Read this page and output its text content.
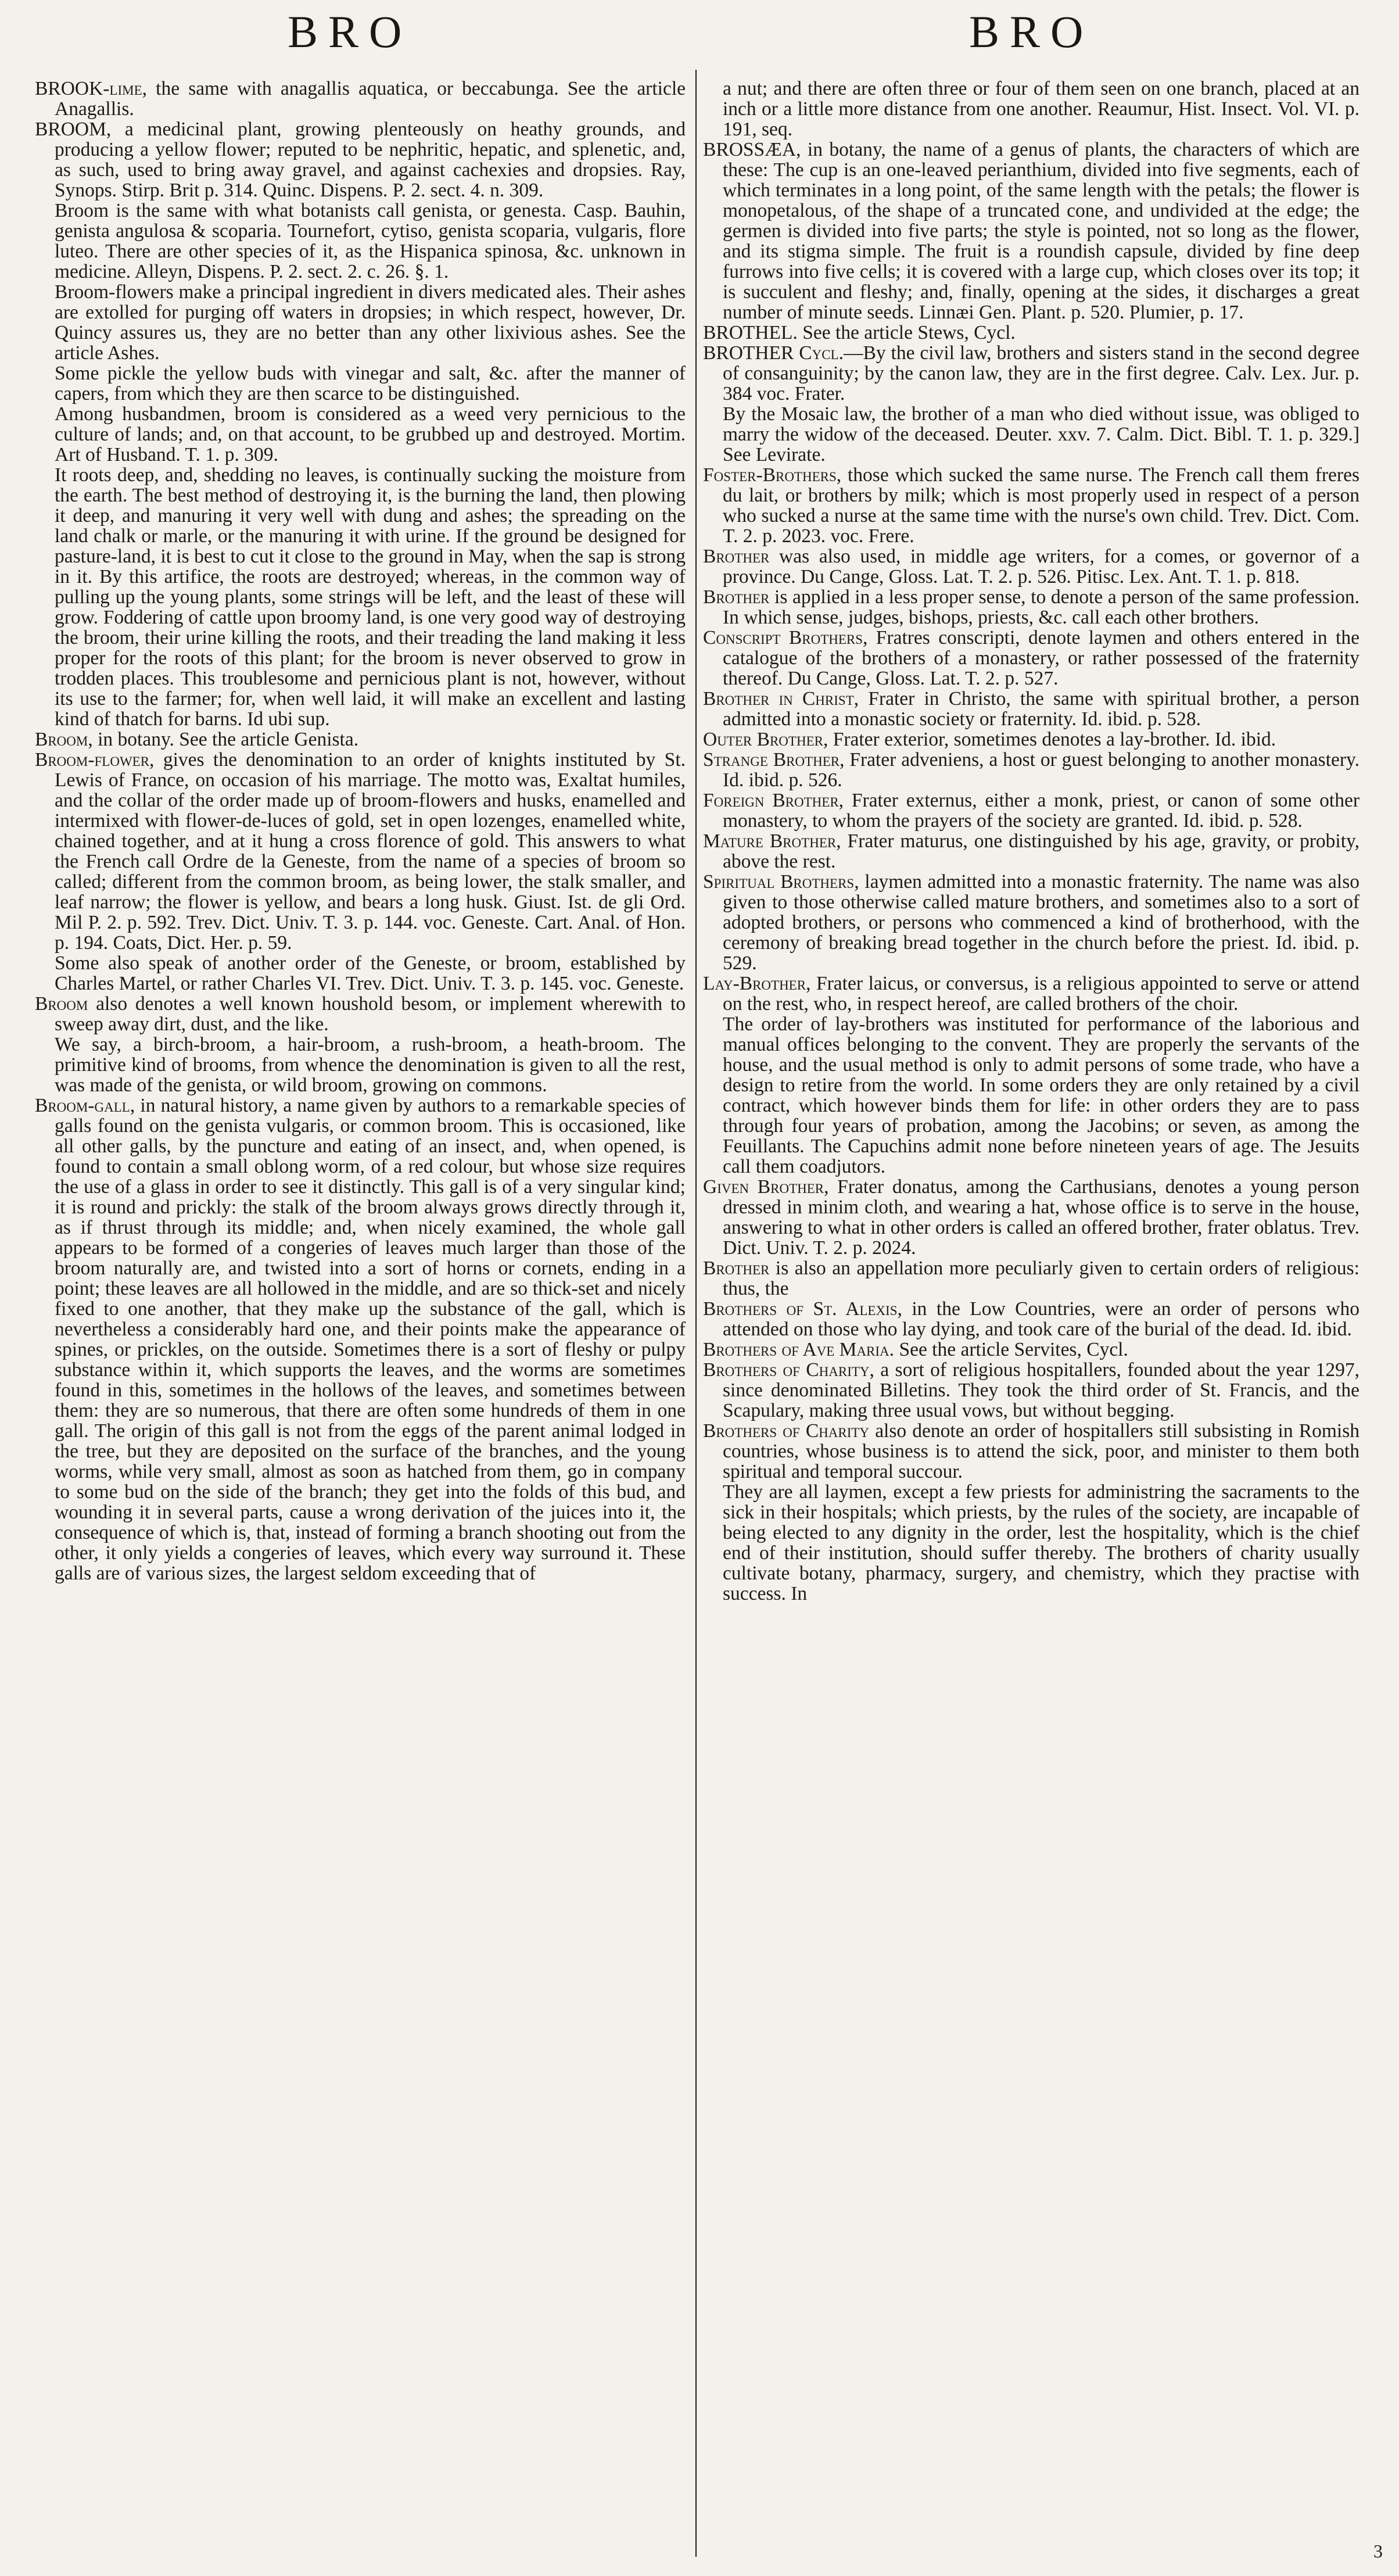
BRO	BRO

BROOK-lime, the same with anagallis aquatica, or beccabunga. See the article Anagallis.

BROOM, a medicinal plant, growing plenteously on heathy grounds, and producing a yellow flower; reputed to be nephritic, hepatic, and splenetic, and, as such, used to bring away gravel, and against cachexies and dropsies. Ray, Synops. Stirp. Brit p. 314. Quinc. Dispens. P. 2. sect. 4. n. 309.

Broom is the same with what botanists call genista, or genesta. Casp. Bauhin, genista angulosa & scoparia. Tournefort, cytiso, genista scoparia, vulgaris, flore luteo. There are other species of it, as the Hispanica spinosa, &c. unknown in medicine. Alleyn, Dispens. P. 2. sect. 2. c. 26. §. 1.

Broom-flowers make a principal ingredient in divers medicated ales. Their ashes are extolled for purging off waters in dropsies; in which respect, however, Dr. Quincy assures us, they are no better than any other lixivious ashes. See the article Ashes.

Some pickle the yellow buds with vinegar and salt, &c. after the manner of capers, from which they are then scarce to be distinguished.

Among husbandmen, broom is considered as a weed very pernicious to the culture of lands; and, on that account, to be grubbed up and destroyed. Mortim. Art of Husband. T. 1. p. 309.

It roots deep, and, shedding no leaves, is continually sucking the moisture from the earth. The best method of destroying it, is the burning the land, then plowing it deep, and manuring it very well with dung and ashes; the spreading on the land chalk or marle, or the manuring it with urine. If the ground be designed for pasture-land, it is best to cut it close to the ground in May, when the sap is strong in it. By this artifice, the roots are destroyed; whereas, in the common way of pulling up the young plants, some strings will be left, and the least of these will grow. Foddering of cattle upon broomy land, is one very good way of destroying the broom, their urine killing the roots, and their treading the land making it less proper for the roots of this plant; for the broom is never observed to grow in trodden places. This troublesome and pernicious plant is not, however, without its use to the farmer; for, when well laid, it will make an excellent and lasting kind of thatch for barns. Id ubi sup.

Broom, in botany. See the article Genista.

Broom-flower, gives the denomination to an order of knights instituted by St. Lewis of France, on occasion of his marriage. The motto was, Exaltat humiles, and the collar of the order made up of broom-flowers and husks, enamelled and intermixed with flower-de-luces of gold, set in open lozenges, enamelled white, chained together, and at it hung a cross florence of gold. This answers to what the French call Ordre de la Geneste, from the name of a species of broom so called; different from the common broom, as being lower, the stalk smaller, and leaf narrow; the flower is yellow, and bears a long husk. Giust. Ist. de gli Ord. Mil P. 2. p. 592. Trev. Dict. Univ. T. 3. p. 144. voc. Geneste. Cart. Anal. of Hon. p. 194. Coats, Dict. Her. p. 59.

Some also speak of another order of the Geneste, or broom, established by Charles Martel, or rather Charles VI. Trev. Dict. Univ. T. 3. p. 145. voc. Geneste.

Broom also denotes a well known houshold besom, or implement wherewith to sweep away dirt, dust, and the like.

We say, a birch-broom, a hair-broom, a rush-broom, a heath-broom. The primitive kind of brooms, from whence the denomination is given to all the rest, was made of the genista, or wild broom, growing on commons.

Broom-gall, in natural history, a name given by authors to a remarkable species of galls found on the genista vulgaris, or common broom. This is occasioned, like all other galls, by the puncture and eating of an insect, and, when opened, is found to contain a small oblong worm, of a red colour, but whose size requires the use of a glass in order to see it distinctly. This gall is of a very singular kind; it is round and prickly: the stalk of the broom always grows directly through it, as if thrust through its middle; and, when nicely examined, the whole gall appears to be formed of a congeries of leaves much larger than those of the broom naturally are, and twisted into a sort of horns or cornets, ending in a point; these leaves are all hollowed in the middle, and are so thick-set and nicely fixed to one another, that they make up the substance of the gall, which is nevertheless a considerably hard one, and their points make the appearance of spines, or prickles, on the outside. Sometimes there is a sort of fleshy or pulpy substance within it, which supports the leaves, and the worms are sometimes found in this, sometimes in the hollows of the leaves, and sometimes between them: they are so numerous, that there are often some hundreds of them in one gall. The origin of this gall is not from the eggs of the parent animal lodged in the tree, but they are deposited on the surface of the branches, and the young worms, while very small, almost as soon as hatched from them, go in company to some bud on the side of the branch; they get into the folds of this bud, and wounding it in several parts, cause a wrong derivation of the juices into it, the consequence of which is, that, instead of forming a branch shooting out from the other, it only yields a congeries of leaves, which every way surround it. These galls are of various sizes, the largest seldom exceeding that of

a nut; and there are often three or four of them seen on one branch, placed at an inch or a little more distance from one another. Reaumur, Hist. Insect. Vol. VI. p. 191, seq.

BROSSÆA, in botany, the name of a genus of plants, the characters of which are these: The cup is an one-leaved perianthium, divided into five segments, each of which terminates in a long point, of the same length with the petals; the flower is monopetalous, of the shape of a truncated cone, and undivided at the edge; the germen is divided into five parts; the style is pointed, not so long as the flower, and its stigma simple. The fruit is a roundish capsule, divided by fine deep furrows into five cells; it is covered with a large cup, which closes over its top; it is succulent and fleshy; and, finally, opening at the sides, it discharges a great number of minute seeds. Linnæi Gen. Plant. p. 520. Plumier, p. 17.

BROTHEL. See the article Stews, Cycl.

BROTHER Cycl.—By the civil law, brothers and sisters stand in the second degree of consanguinity; by the canon law, they are in the first degree. Calv. Lex. Jur. p. 384 voc. Frater.

By the Mosaic law, the brother of a man who died without issue, was obliged to marry the widow of the deceased. Deuter. xxv. 7. Calm. Dict. Bibl. T. 1. p. 329.] See Levirate.

Foster-Brothers, those which sucked the same nurse. The French call them freres du lait, or brothers by milk; which is most properly used in respect of a person who sucked a nurse at the same time with the nurse's own child. Trev. Dict. Com. T. 2. p. 2023. voc. Frere.

Brother was also used, in middle age writers, for a comes, or governor of a province. Du Cange, Gloss. Lat. T. 2. p. 526. Pitisc. Lex. Ant. T. 1. p. 818.

Brother is applied in a less proper sense, to denote a person of the same profession. In which sense, judges, bishops, priests, &c. call each other brothers.

Conscript Brothers, Fratres conscripti, denote laymen and others entered in the catalogue of the brothers of a monastery, or rather possessed of the fraternity thereof. Du Cange, Gloss. Lat. T. 2. p. 527.

Brother in Christ, Frater in Christo, the same with spiritual brother, a person admitted into a monastic society or fraternity. Id. ibid. p. 528.

Outer Brother, Frater exterior, sometimes denotes a lay-brother. Id. ibid.

Strange Brother, Frater adveniens, a host or guest belonging to another monastery. Id. ibid. p. 526.

Foreign Brother, Frater externus, either a monk, priest, or canon of some other monastery, to whom the prayers of the society are granted. Id. ibid. p. 528.

Mature Brother, Frater maturus, one distinguished by his age, gravity, or probity, above the rest.

Spiritual Brothers, laymen admitted into a monastic fraternity. The name was also given to those otherwise called mature brothers, and sometimes also to a sort of adopted brothers, or persons who commenced a kind of brotherhood, with the ceremony of breaking bread together in the church before the priest. Id. ibid. p. 529.

Lay-Brother, Frater laicus, or conversus, is a religious appointed to serve or attend on the rest, who, in respect hereof, are called brothers of the choir.

The order of lay-brothers was instituted for performance of the laborious and manual offices belonging to the convent. They are properly the servants of the house, and the usual method is only to admit persons of some trade, who have a design to retire from the world. In some orders they are only retained by a civil contract, which however binds them for life: in other orders they are to pass through four years of probation, among the Jacobins; or seven, as among the Feuillants. The Capuchins admit none before nineteen years of age. The Jesuits call them coadjutors.

Given Brother, Frater donatus, among the Carthusians, denotes a young person dressed in minim cloth, and wearing a hat, whose office is to serve in the house, answering to what in other orders is called an offered brother, frater oblatus. Trev. Dict. Univ. T. 2. p. 2024.

Brother is also an appellation more peculiarly given to certain orders of religious: thus, the

Brothers of St. Alexis, in the Low Countries, were an order of persons who attended on those who lay dying, and took care of the burial of the dead. Id. ibid.

Brothers of Ave Maria. See the article Servites, Cycl.

Brothers of Charity, a sort of religious hospitallers, founded about the year 1297, since denominated Billetins. They took the third order of St. Francis, and the Scapulary, making three usual vows, but without begging.

Brothers of Charity also denote an order of hospitallers still subsisting in Romish countries, whose business is to attend the sick, poor, and minister to them both spiritual and temporal succour.

They are all laymen, except a few priests for administring the sacraments to the sick in their hospitals; which priests, by the rules of the society, are incapable of being elected to any dignity in the order, lest the hospitality, which is the chief end of their institution, should suffer thereby. The brothers of charity usually cultivate botany, pharmacy, surgery, and chemistry, which they practise with success. In

3
